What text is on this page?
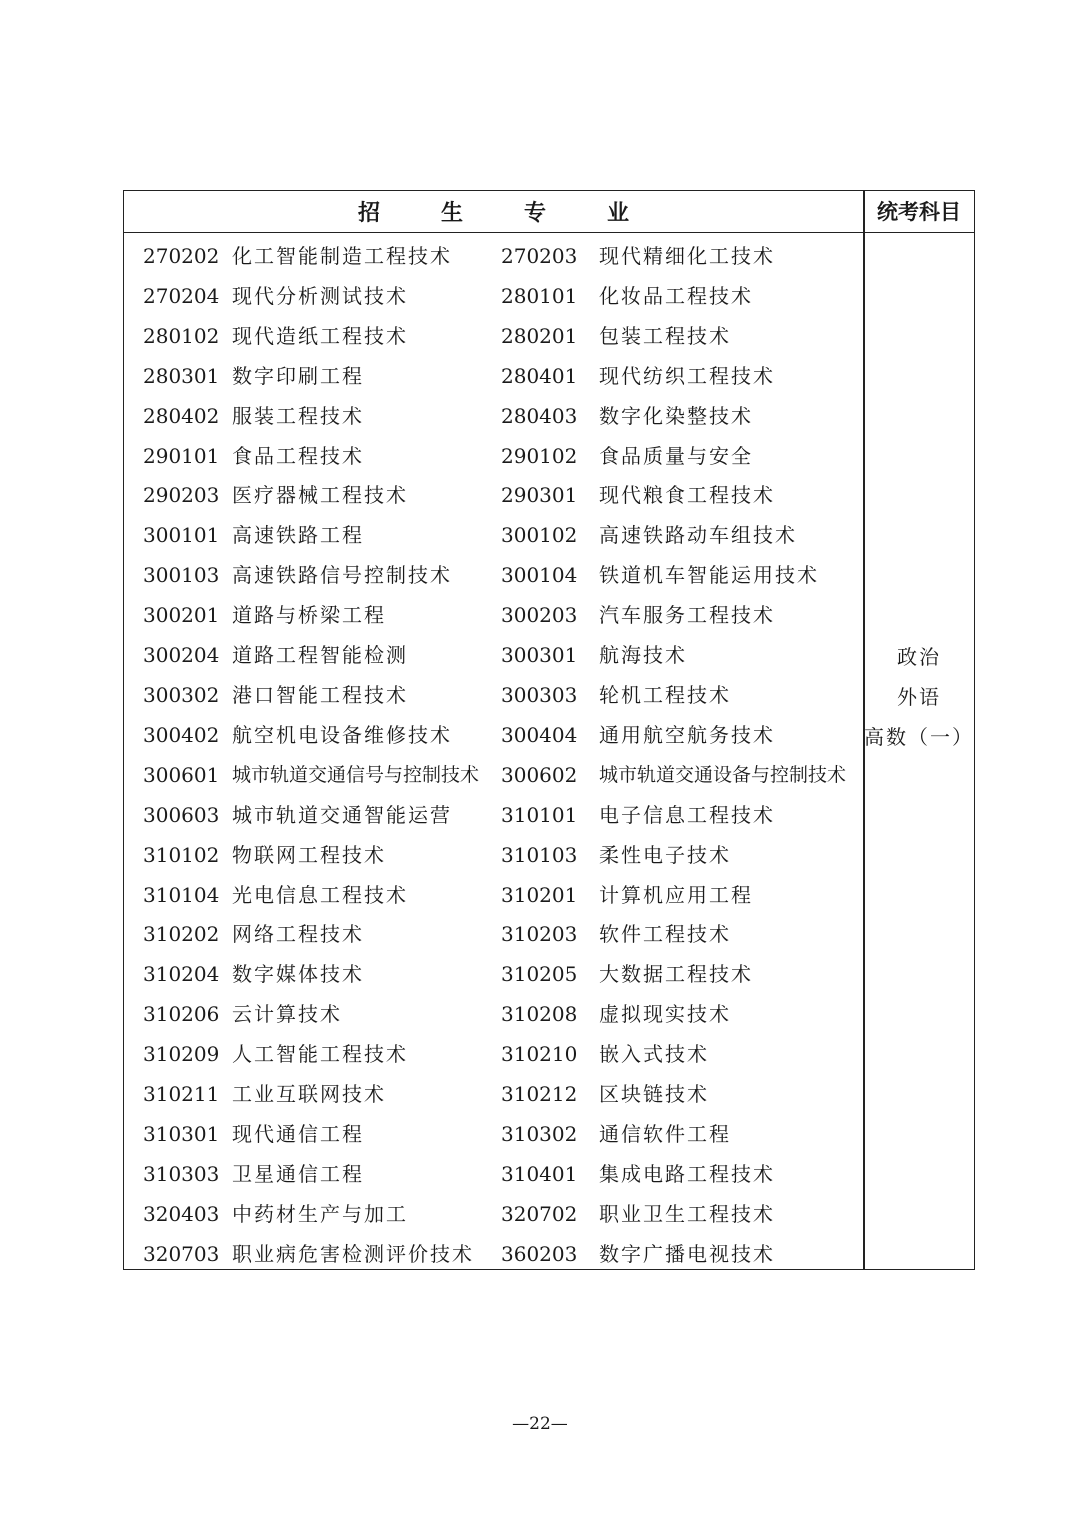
招	生	专	业	统考科目
270202 化工智能制造工程技术 270203 现代精细化工技术
270204 现代分析测试技术	280101 化妆品工程技术
280102 现代造纸工程技术	280201 包装工程技术
280301 数字印刷工程	280401 现代纺织工程技术
280402 服装工程技术	280403 数字化染整技术
290101 食品工程技术	290102 食品质量与安全
290203 医疗器械工程技术	290301 现代粮食工程技术
300101 高速铁路工程	300102 高速铁路动车组技术
300103 高速铁路信号控制技术 300104 铁道机车智能运用技术
300201 道路与桥梁工程	300203 汽车服务工程技术
300204 道路工程智能检测	300301 航海技术
300302 港口智能工程技术	300303 轮机工程技术
300402 航空机电设备维修技术 300404 通用航空航务技术
300601 城市轨道交通信号与控制技术 300602 城市轨道交通设备与控制技术
300603 城市轨道交通智能运营 310101 电子信息工程技术
310102 物联网工程技术	310103 柔性电子技术
310104 光电信息工程技术	310201 计算机应用工程
310202 网络工程技术	310203 软件工程技术
310204 数字媒体技术	310205 大数据工程技术
310206 云计算技术	310208 虚拟现实技术
310209 人工智能工程技术	310210 嵌入式技术
310211 工业互联网技术	310212 区块链技术
310301 现代通信工程	310302 通信软件工程
310303 卫星通信工程	310401 集成电路工程技术
320403 中药材生产与加工	320702 职业卫生工程技术
320703 职业病危害检测评价技术 360203 数字广播电视技术
政治
外语
高数（一）
—22—
